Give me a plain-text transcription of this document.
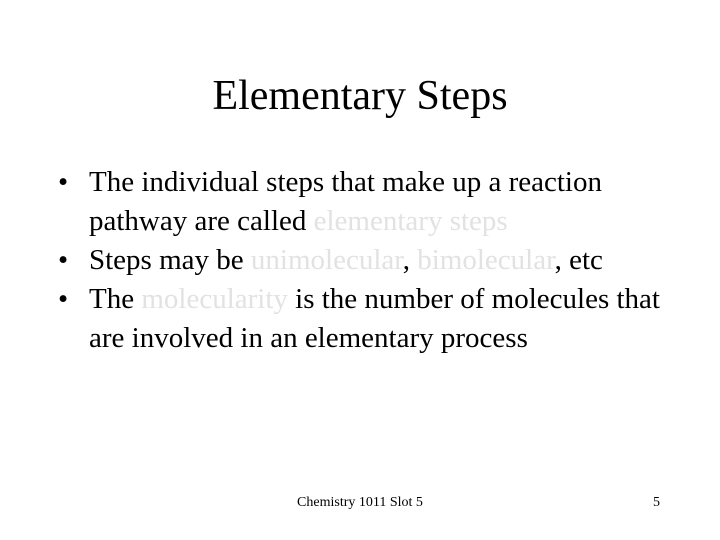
Elementary Steps
• The individual steps that make up a reaction pathway are called elementary steps
• Steps may be unimolecular, bimolecular, etc
• The molecularity is the number of molecules that are involved in an elementary process
Chemistry 1011 Slot 5	5
